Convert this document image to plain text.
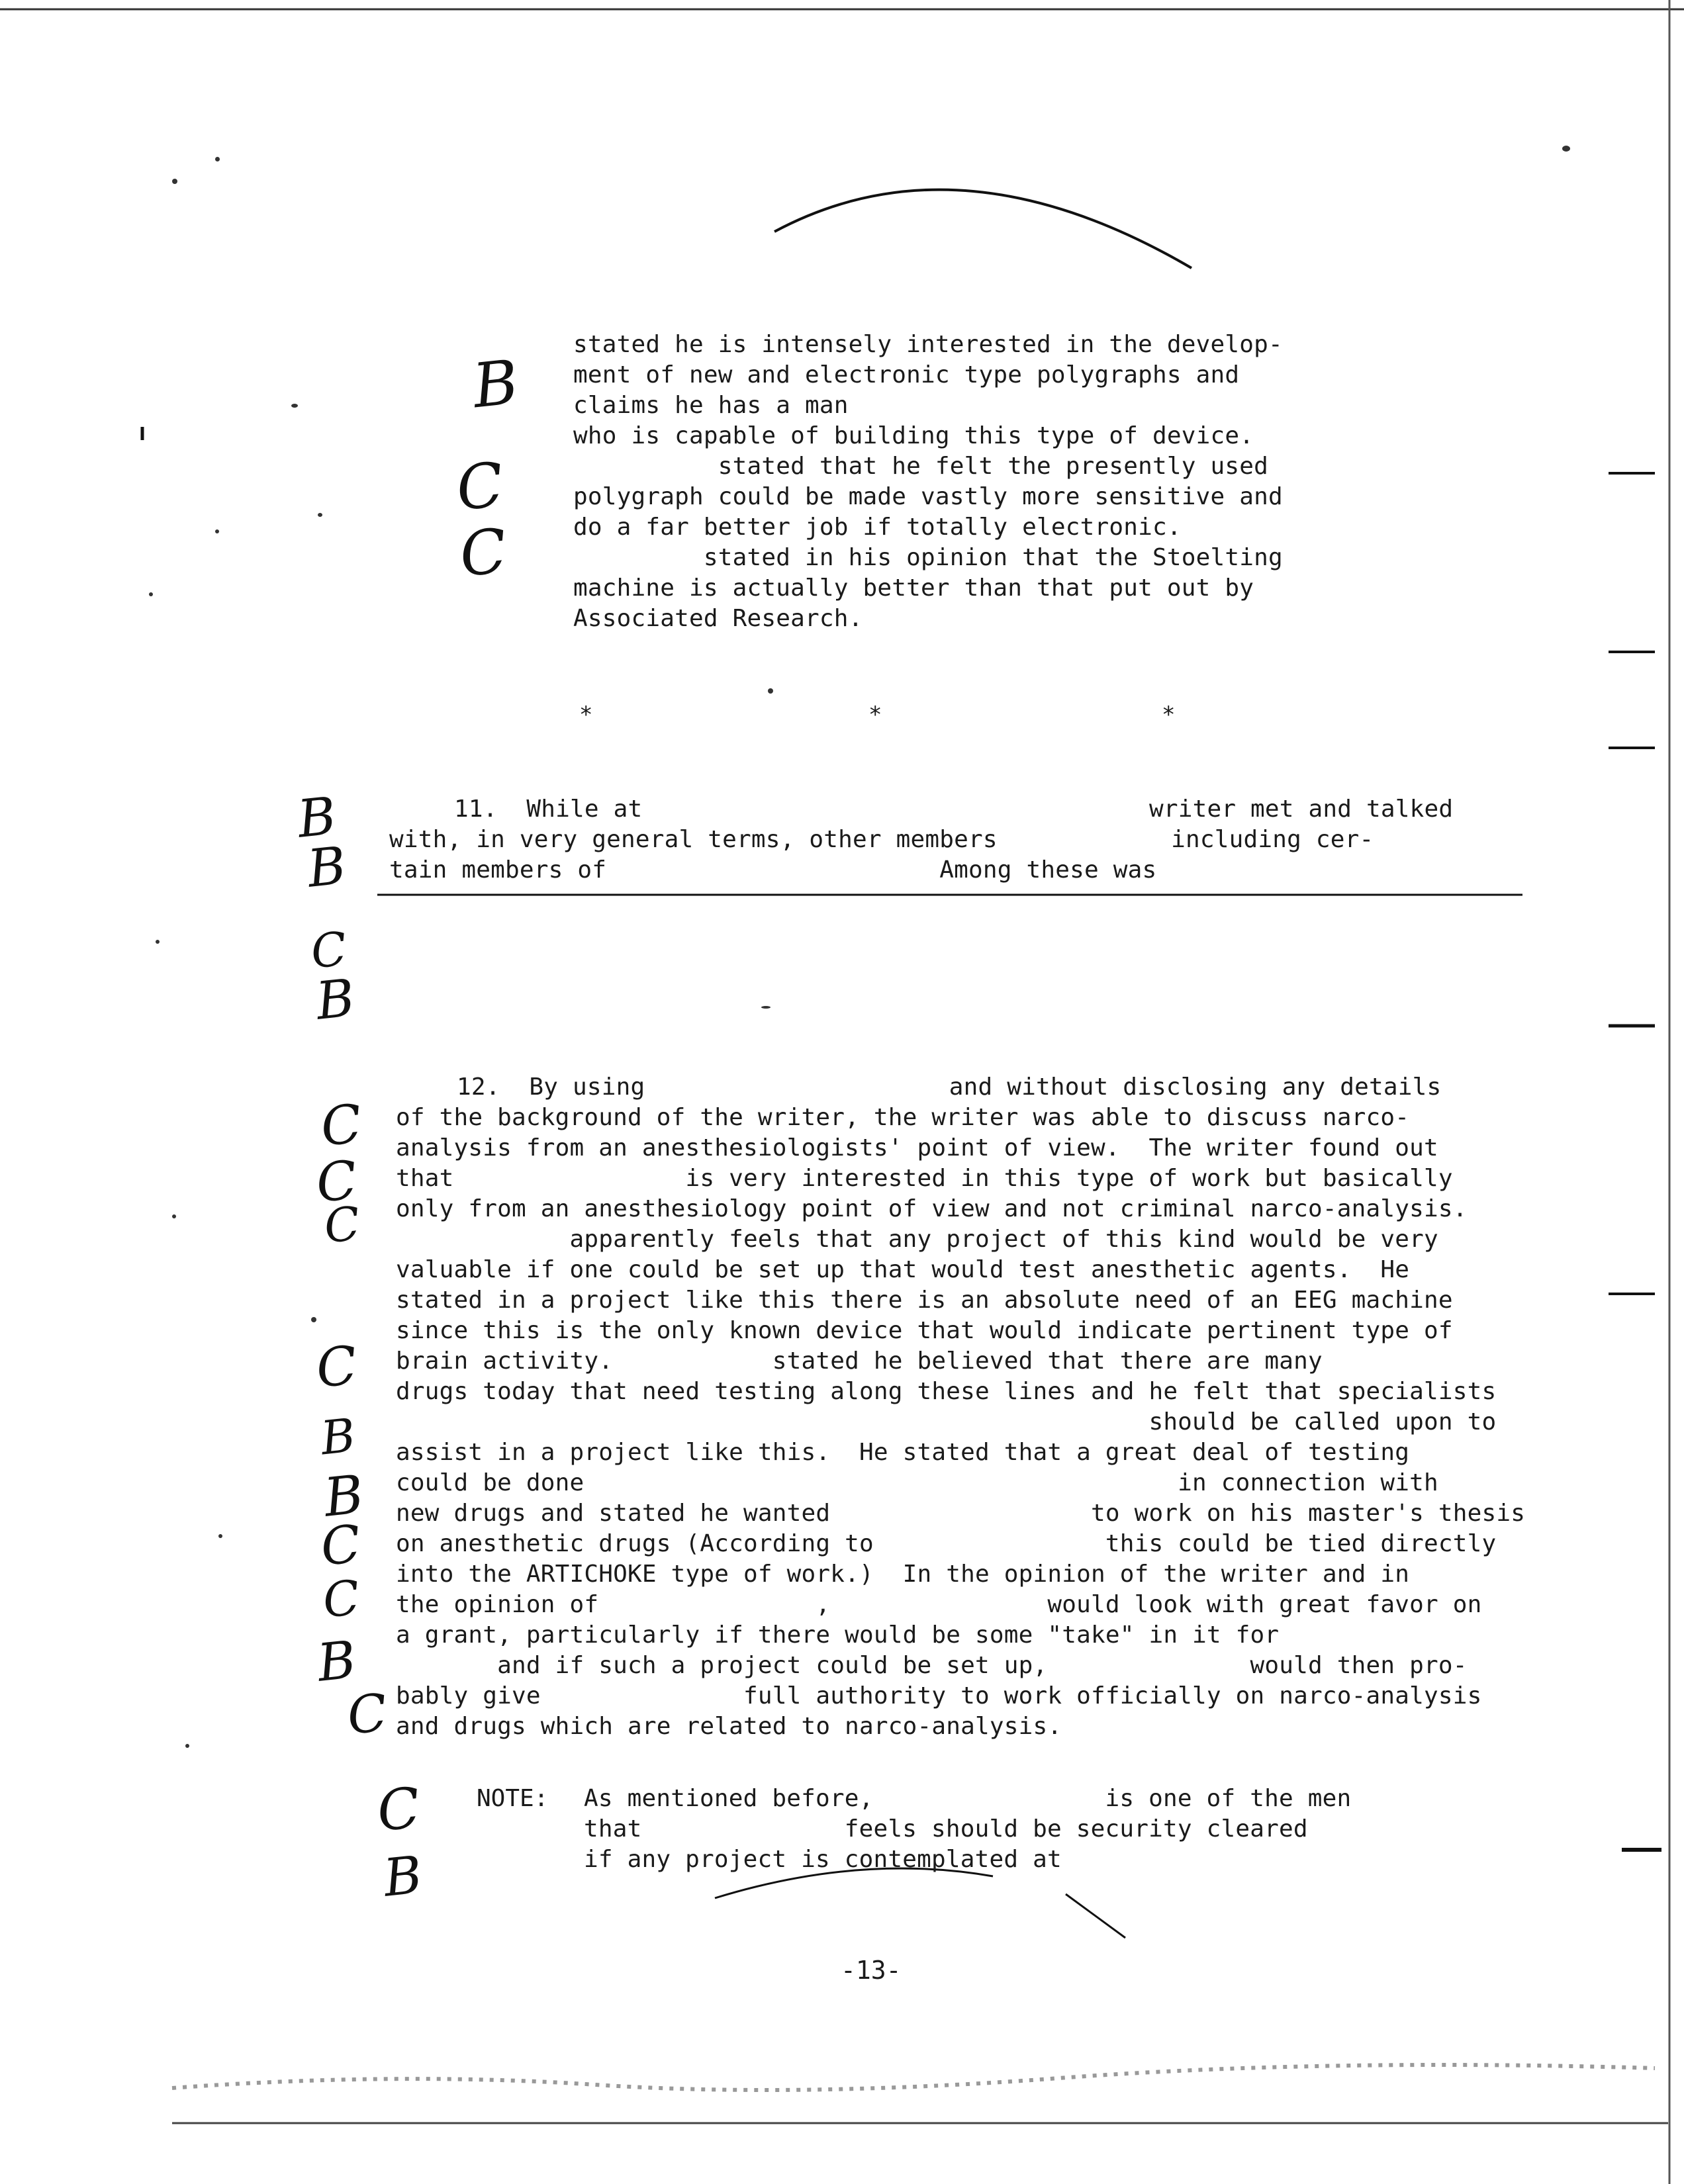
stated he is intensely interested in the develop-
ment of new and electronic type polygraphs and
claims he has a man
who is capable of building this type of device.
stated that he felt the presently used
polygraph could be made vastly more sensitive and
do a far better job if totally electronic.
stated in his opinion that the Stoelting
machine is actually better than that put out by
Associated Research.
*	*	*
11.  While at                                   writer met and talked
with, in very general terms, other members            including cer-
tain members of                       Among these was
12.  By using                     and without disclosing any details
of the background of the writer, the writer was able to discuss narco-
analysis from an anesthesiologists' point of view.  The writer found out
that                is very interested in this type of work but basically
only from an anesthesiology point of view and not criminal narco-analysis.
apparently feels that any project of this kind would be very
valuable if one could be set up that would test anesthetic agents.  He
stated in a project like this there is an absolute need of an EEG machine
since this is the only known device that would indicate pertinent type of
brain activity.           stated he believed that there are many
drugs today that need testing along these lines and he felt that specialists
should be called upon to
assist in a project like this.  He stated that a great deal of testing
could be done                                         in connection with
new drugs and stated he wanted                  to work on his master's thesis
on anesthetic drugs (According to                this could be tied directly
into the ARTICHOKE type of work.)  In the opinion of the writer and in
the opinion of               ,               would look with great favor on
a grant, particularly if there would be some "take" in it for
and if such a project could be set up,              would then pro-
bably give              full authority to work officially on narco-analysis
and drugs which are related to narco-analysis.
NOTE: As mentioned before,                is one of the men
that              feels should be security cleared
if any project is contemplated at
-13-
B
C
C
B
B
C
B
C
C
C
C
B
B
C
C
B
C
C
B
